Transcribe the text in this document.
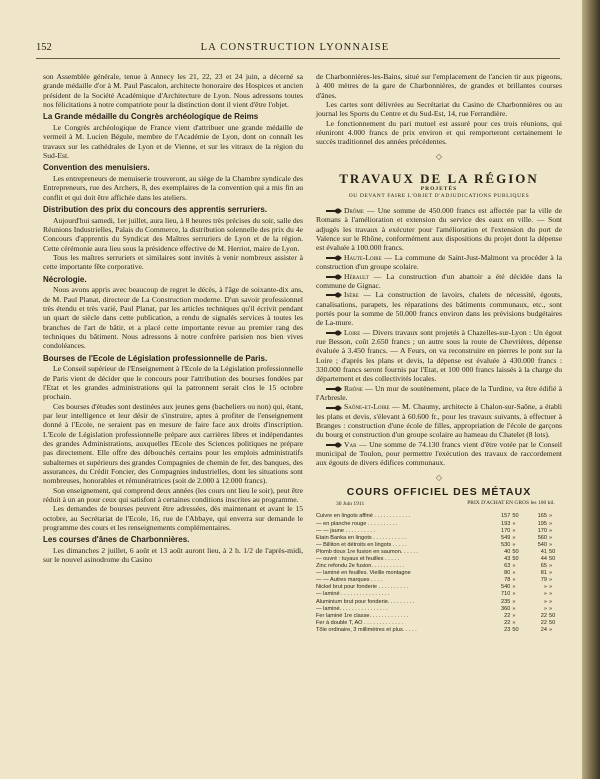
152	LA CONSTRUCTION LYONNAISE

son Assemblée générale, tenue à Annecy les 21, 22, 23 et 24 juin, a décerné sa grande médaille d'or à M. Paul Pascalon, architecte honoraire des Hospices et ancien président de la Société Académique d'Architecture de Lyon. Nous adressons toutes nos félicitations à notre compatriote pour la distinction dont il vient d'être l'objet.

La Grande médaille du Congrès archéologique de Reims

Le Congrès archéologique de France vient d'attribuer une grande médaille de vermeil à M. Lucien Bégule, membre de l'Académie de Lyon, dont on connaît les travaux sur les cathédrales de Lyon et de Vienne, et sur les vitraux de la région du Sud-Est.

Convention des menuisiers.

Les entrepreneurs de menuiserie trouveront, au siège de la Chambre syndicale des Entrepreneurs, rue des Archers, 8, des exemplaires de la convention qui a mis fin au conflit et qui doit être affichée dans les ateliers.

Distribution des prix du concours des apprentis serruriers.

Aujourd'hui samedi, 1er juillet, aura lieu, à 8 heures très précises du soir, salle des Réunions Industrielles, Palais du Commerce, la distribution solennelle des prix du 4e Concours d'apprentis du Syndicat des Maîtres serruriers de Lyon et de la région. Cette cérémonie aura lieu sous la présidence effective de M. Herriot, maire de Lyon.

Tous les maîtres serruriers et similaires sont invités à venir nombreux assister à cette importante fête corporative.

Nécrologie.

Nous avons appris avec beaucoup de regret le décès, à l'âge de soixante-dix ans, de M. Paul Planat, directeur de La Construction moderne. D'un savoir professionnel très étendu et très varié, Paul Planat, par les articles techniques qu'il écrivit pendant un quart de siècle dans cette publication, a rendu de signalés services à toutes les branches de l'art de bâtir, et a placé cette importante revue au premier rang des techniques du bâtiment. Nous adressons à notre confrère parisien nos bien vives condoléances.

Bourses de l'Ecole de Législation professionnelle de Paris.

Le Conseil supérieur de l'Enseignement à l'Ecole de la Législation professionnelle de Paris vient de décider que le concours pour l'attribution des bourses fondées par l'Etat et les grandes administrations qui la patronnent serait clos le 15 octobre prochain.

Ces bourses d'études sont destinées aux jeunes gens (bacheliers ou non) qui, étant, par leur intelligence et leur désir de s'instruire, aptes à profiter de l'enseignement donné à l'Ecole, ne seraient pas en mesure de faire face aux droits d'inscription. L'Ecole de Législation professionnelle prépare aux carrières libres et indépendantes des grandes Administrations, auxquelles l'Ecole des Sciences politiques ne prépare pas directement. Elle offre des débouchés certains pour les emplois administratifs subalternes et supérieurs des grandes Compagnies de chemin de fer, des banques, des assurances, du Crédit Foncier, des Compagnies industrielles, dont les situations sont nombreuses, honorables et rémunératrices (soit de 2.000 à 12.000 francs).

Son enseignement, qui comprend deux années (les cours ont lieu le soir), peut être réduit à un an pour ceux qui satisfont à certaines conditions inscrites au programme.

Les demandes de bourses peuvent être adressées, dès maintenant et avant le 15 octobre, au Secrétariat de l'Ecole, 16, rue de l'Abbaye, qui enverra sur demande le programme des cours et les renseignements complémentaires.

Les courses d'ânes de Charbonnières.

Les dimanches 2 juillet, 6 août et 13 août auront lieu, à 2 h. 1/2 de l'après-midi, sur le nouvel asinodrome du Casino

de Charbonnières-les-Bains, situé sur l'emplacement de l'ancien tir aux pigeons, à 400 mètres de la gare de Charbonnières, de grandes et brillantes courses d'ânes.

Les cartes sont délivrées au Secrétariat du Casino de Charbonnières ou au journal les Sports du Centre et du Sud-Est, 14, rue Ferrandière.

Le fonctionnement du pari mutuel est assuré pour ces trois réunions, qui réuniront 4.000 francs de prix environ et qui remporteront certainement le succès traditionnel des années précédentes.

◇
TRAVAUX DE LA RÉGION
PROJETÉS
OU DEVANT FAIRE L'OBJET D'ADJUDICATIONS PUBLIQUES

Drôme — Une somme de 450.000 francs est affectée par la ville de Romans à l'amélioration et extension du service des eaux en ville. — Sont adjugés les travaux à exécuter pour l'amélioration et l'extension du port de Valence sur le Rhône, conformément aux dispositions du projet dont la dépense est évaluée à 100.000 francs.

Haute-Loire — La commune de Saint-Just-Malmont va procéder à la construction d'un groupe scolaire.

Hérault — La construction d'un abattoir a été décidée dans la commune de Gignac.

Isère — La construction de lavoirs, chalets de nécessité, égouts, canalisations, parapets, les réparations des bâtiments communaux, etc., sont portés pour la somme de 50.000 francs environ dans les prévisions budgétaires de La-mure.

Loire — Divers travaux sont projetés à Chazelles-sur-Lyon : Un égout rue Besson, coût 2.650 francs ; un autre sous la route de Chevrières, dépense évaluée à 3.450 francs. — A Feurs, on va reconstruire en pierres le pont sur la Loire ; d'après les plans et devis, la dépense est évaluée à 430.000 francs : 330.000 francs seront fournis par l'Etat, et 100 000 francs laissés à la charge du département et des collectivités locales.

Rhône — Un mur de soutènement, place de la Turdine, va être édifié à l'Arbresle.

Saône-et-Loire — M. Chaumy, architecte à Chalon-sur-Saône, a établi les plans et devis, s'élevant à 60.600 fr., pour les travaux suivants, à effectuer à Branges : construction d'une école de filles, appropriation de l'école de garçons du bourg et construction d'un groupe scolaire au hameau du Chatelet (8 lots).

Var — Une somme de 74.130 francs vient d'être votée par le Conseil municipal de Toulon, pour permettre l'exécution des travaux de raccordement aux égouts de divers édifices communaux.

◇
COURS OFFICIEL DES MÉTAUX
30 Juin 1911	PRIX D'ACHAT EN GROS les 100 kil.
Cuivre en lingots affiné . . . . . . . . . . . .	157	50	165	»
— en planche rouge . . . . . . . . . .	193	»	195	»
— — jaune . . . . . . . . . .	170	»	170	»
Etain Banka en lingots . . . . . . . . . . .	549	»	560	»
— Billiton et détroits en lingots . . . . .	530	»	540	»
Plomb doux 1re fusion en saumon. . . . . .	40	50	41	50
— ouvré : tuyaux et feuilles . . . . .	43	50	44	50
Zinc refondu 2e fusion. . . . . . . . . . .	63	»	65	»
— laminé en feuilles. Vieille montagne	80	»	81	»
— — Autres marques . . . .	78	»	79	»
Nickel brut pour fonderie . . . . . . . . . .	540	»	»	»
— laminé . . . . . . . . . . . . . . . .	710	»	»	»
Aluminium brut pour fonderie. . . . . . . . .	235	»	»	»
— laminé. . . . . . . . . . . . . . . .	360	»	»	»
Fer laminé 1re classe. . . . . . . . . . . . .	22	»	22	50
Fer à double T, AO . . . . . . . . . . . . .	22	»	22	50
Tôle ordinaire, 3 millimètres et plus. . . . .	23	50	24	»
